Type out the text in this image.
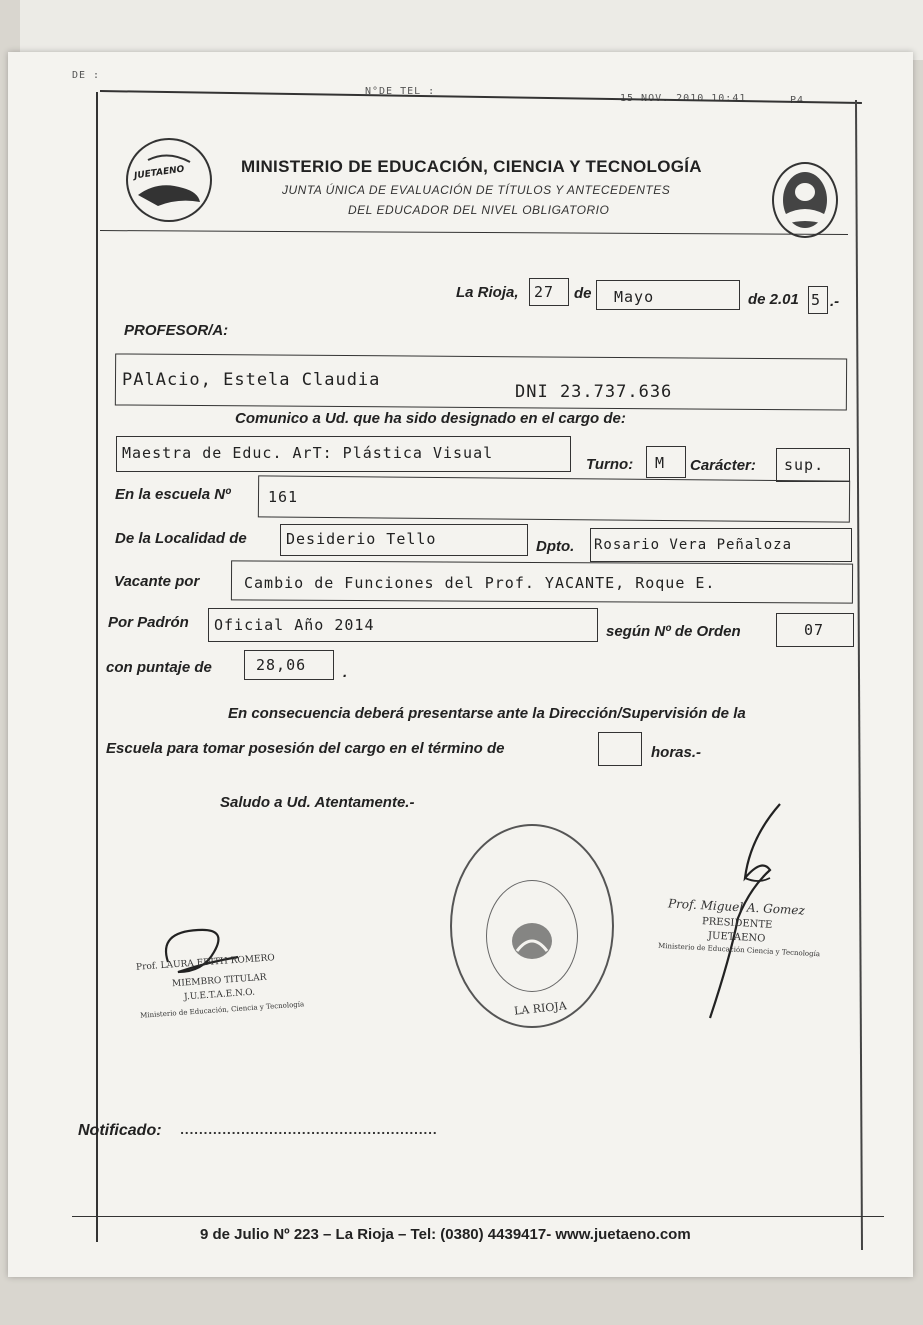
DE :
N°DE TEL :
15 NOV. 2010 10:41	P4
JUETAENO	MINISTERIO DE EDUCACIÓN, CIENCIA Y TECNOLOGÍA
JUNTA ÚNICA DE EVALUACIÓN DE TÍTULOS Y ANTECEDENTES
DEL EDUCADOR DEL NIVEL OBLIGATORIO
La Rioja, 27 de Mayo	de 2.01 5 .-
PROFESOR/A:
PAlAcio, Estela Claudia
DNI 23.737.636
Comunico a Ud. que ha sido designado en el cargo de:
Maestra de Educ. ArT: Plástica Visual
Turno: M Carácter: sup.
En la escuela Nº 161
De la Localidad de	Desiderio Tello	Dpto. Rosario Vera Peñaloza
Vacante por	Cambio de Funciones del Prof. YACANTE, Roque E.
Por Padrón Oficial Año 2014	según Nº de Orden	07
con puntaje de	28,06 .
En consecuencia deberá presentarse ante la Dirección/Supervisión de la
Escuela para tomar posesión del cargo en el término de	horas.-
Saludo a Ud. Atentamente.-
LA RIOJA
Prof. LAURA EDITH ROMERO
MIEMBRO TITULAR
J.U.E.T.A.E.N.O.
Ministerio de Educación, Ciencia y Tecnología
Prof. Miguel A. Gomez
PRESIDENTE
JUETAENO
Ministerio de Educación Ciencia y Tecnología
Notificado: .......................................................
9 de Julio Nº 223 – La Rioja – Tel: (0380) 4439417- www.juetaeno.com
